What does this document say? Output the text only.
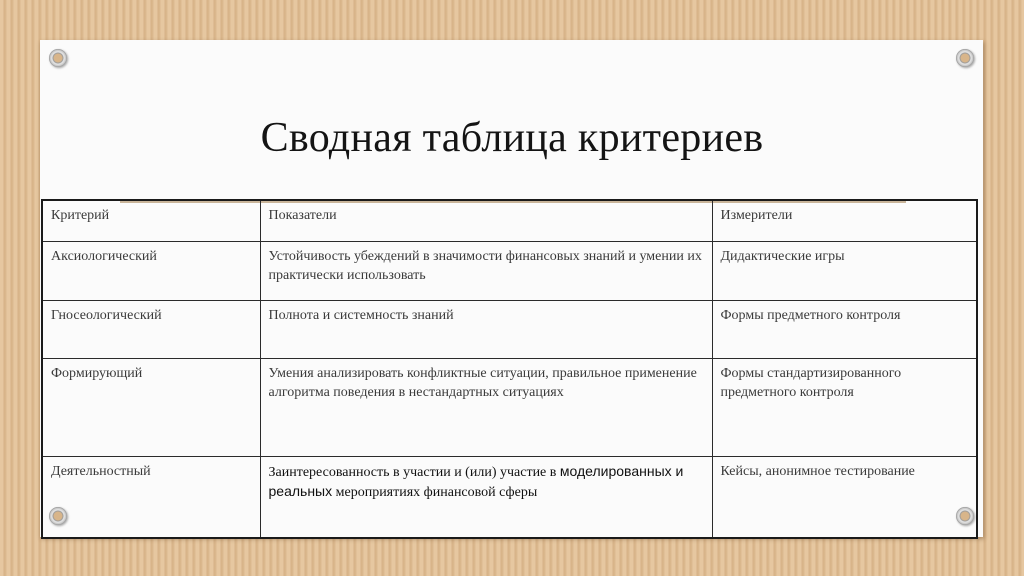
Сводная таблица критериев
Критерий	Показатели	Измерители
Аксиологический	Устойчивость убеждений в значимости финансовых знаний и умении их практически использовать	Дидактические игры
Гносеологический	Полнота и системность знаний	Формы предметного контроля
Формирующий	Умения анализировать конфликтные ситуации, правильное применение алгоритма поведения в нестандартных ситуациях	Формы стандартизированного предметного контроля
Деятельностный	Заинтересованность в участии и (или) участие в моделированных и реальных мероприятиях финансовой сферы	Кейсы, анонимное тестирование
